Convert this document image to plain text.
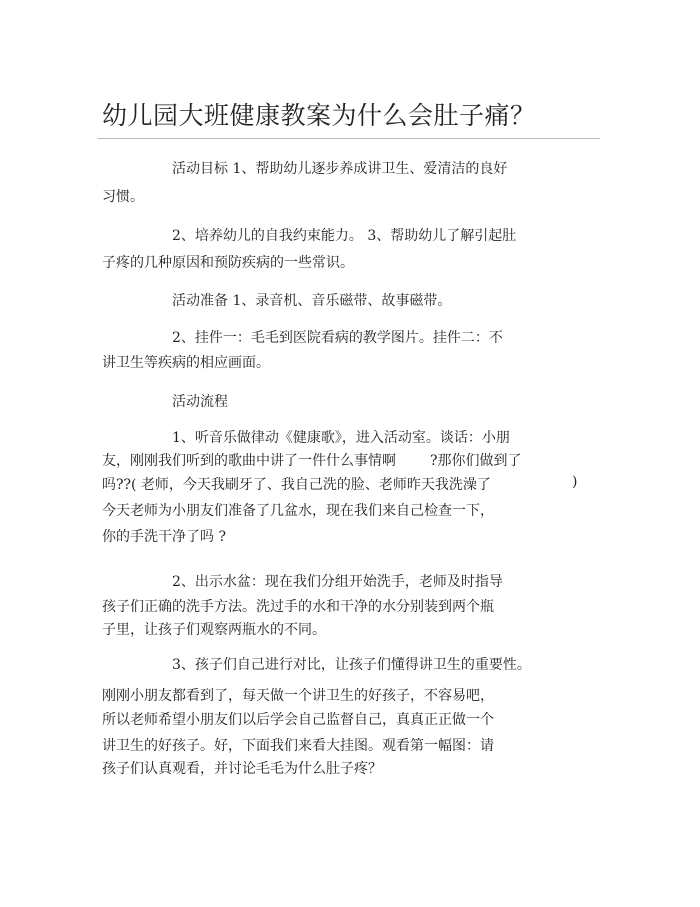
幼儿园大班健康教案为什么会肚子痛？
活动目标 1、帮助幼儿逐步养成讲卫生、爱清洁的良好
习惯。
2、培养幼儿的自我约束能力。 3、帮助幼儿了解引起肚
子疼的几种原因和预防疾病的一些常识。
活动准备 1、录音机、音乐磁带、故事磁带。
2、挂件一：毛毛到医院看病的教学图片。挂件二：不
讲卫生等疾病的相应画面。
活动流程
1、听音乐做律动《健康歌》，进入活动室。谈话：小朋
友，刚刚我们听到的歌曲中讲了一件什么事情啊 ?那你们做到了
吗??( 老师，今天我刷牙了、我自己洗的脸、老师昨天我洗澡了	)
今天老师为小朋友们准备了几盆水，现在我们来自己检查一下，
你的手洗干净了吗 ?
2、出示水盆：现在我们分组开始洗手，老师及时指导
孩子们正确的洗手方法。洗过手的水和干净的水分别装到两个瓶
子里，让孩子们观察两瓶水的不同。
3、孩子们自己进行对比，让孩子们懂得讲卫生的重要性。
刚刚小朋友都看到了，每天做一个讲卫生的好孩子，不容易吧，
所以老师希望小朋友们以后学会自己监督自己，真真正正做一个
讲卫生的好孩子。好，下面我们来看大挂图。观看第一幅图：请
孩子们认真观看，并讨论毛毛为什么肚子疼？
